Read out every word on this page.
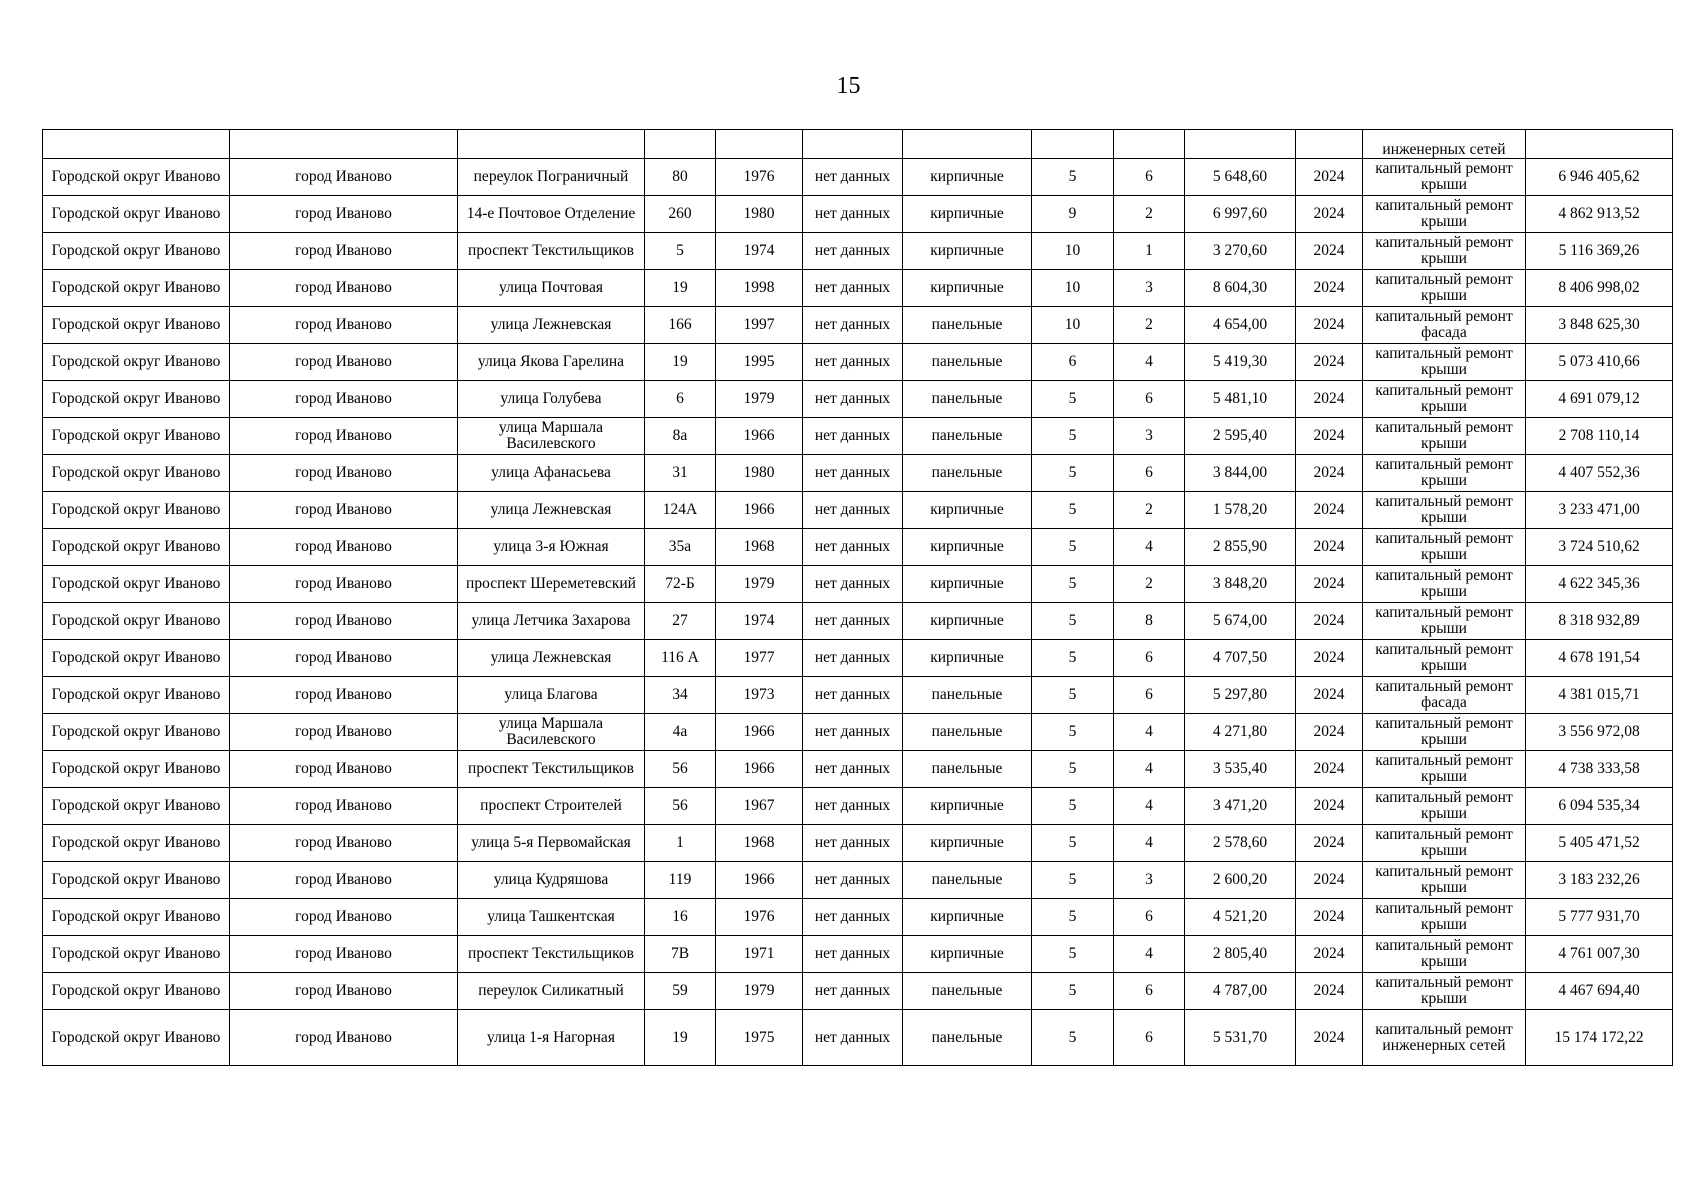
15
											инженерных сетей	
Городской округ Иваново	город Иваново	переулок Пограничный	80	1976	нет данных	кирпичные	5	6	5 648,60	2024	капитальный ремонт крыши	6 946 405,62
Городской округ Иваново	город Иваново	14-е Почтовое Отделение	260	1980	нет данных	кирпичные	9	2	6 997,60	2024	капитальный ремонт крыши	4 862 913,52
Городской округ Иваново	город Иваново	проспект Текстильщиков	5	1974	нет данных	кирпичные	10	1	3 270,60	2024	капитальный ремонт крыши	5 116 369,26
Городской округ Иваново	город Иваново	улица Почтовая	19	1998	нет данных	кирпичные	10	3	8 604,30	2024	капитальный ремонт крыши	8 406 998,02
Городской округ Иваново	город Иваново	улица Лежневская	166	1997	нет данных	панельные	10	2	4 654,00	2024	капитальный ремонт фасада	3 848 625,30
Городской округ Иваново	город Иваново	улица Якова Гарелина	19	1995	нет данных	панельные	6	4	5 419,30	2024	капитальный ремонт крыши	5 073 410,66
Городской округ Иваново	город Иваново	улица Голубева	6	1979	нет данных	панельные	5	6	5 481,10	2024	капитальный ремонт крыши	4 691 079,12
Городской округ Иваново	город Иваново	улица Маршала Василевского	8а	1966	нет данных	панельные	5	3	2 595,40	2024	капитальный ремонт крыши	2 708 110,14
Городской округ Иваново	город Иваново	улица Афанасьева	31	1980	нет данных	панельные	5	6	3 844,00	2024	капитальный ремонт крыши	4 407 552,36
Городской округ Иваново	город Иваново	улица Лежневская	124А	1966	нет данных	кирпичные	5	2	1 578,20	2024	капитальный ремонт крыши	3 233 471,00
Городской округ Иваново	город Иваново	улица 3-я Южная	35а	1968	нет данных	кирпичные	5	4	2 855,90	2024	капитальный ремонт крыши	3 724 510,62
Городской округ Иваново	город Иваново	проспект Шереметевский	72-Б	1979	нет данных	кирпичные	5	2	3 848,20	2024	капитальный ремонт крыши	4 622 345,36
Городской округ Иваново	город Иваново	улица Летчика Захарова	27	1974	нет данных	кирпичные	5	8	5 674,00	2024	капитальный ремонт крыши	8 318 932,89
Городской округ Иваново	город Иваново	улица Лежневская	116 А	1977	нет данных	кирпичные	5	6	4 707,50	2024	капитальный ремонт крыши	4 678 191,54
Городской округ Иваново	город Иваново	улица Благова	34	1973	нет данных	панельные	5	6	5 297,80	2024	капитальный ремонт фасада	4 381 015,71
Городской округ Иваново	город Иваново	улица Маршала Василевского	4а	1966	нет данных	панельные	5	4	4 271,80	2024	капитальный ремонт крыши	3 556 972,08
Городской округ Иваново	город Иваново	проспект Текстильщиков	56	1966	нет данных	панельные	5	4	3 535,40	2024	капитальный ремонт крыши	4 738 333,58
Городской округ Иваново	город Иваново	проспект Строителей	56	1967	нет данных	кирпичные	5	4	3 471,20	2024	капитальный ремонт крыши	6 094 535,34
Городской округ Иваново	город Иваново	улица 5-я Первомайская	1	1968	нет данных	кирпичные	5	4	2 578,60	2024	капитальный ремонт крыши	5 405 471,52
Городской округ Иваново	город Иваново	улица Кудряшова	119	1966	нет данных	панельные	5	3	2 600,20	2024	капитальный ремонт крыши	3 183 232,26
Городской округ Иваново	город Иваново	улица Ташкентская	16	1976	нет данных	кирпичные	5	6	4 521,20	2024	капитальный ремонт крыши	5 777 931,70
Городской округ Иваново	город Иваново	проспект Текстильщиков	7В	1971	нет данных	кирпичные	5	4	2 805,40	2024	капитальный ремонт крыши	4 761 007,30
Городской округ Иваново	город Иваново	переулок Силикатный	59	1979	нет данных	панельные	5	6	4 787,00	2024	капитальный ремонт крыши	4 467 694,40
Городской округ Иваново	город Иваново	улица 1-я Нагорная	19	1975	нет данных	панельные	5	6	5 531,70	2024	капитальный ремонт инженерных сетей	15 174 172,22
